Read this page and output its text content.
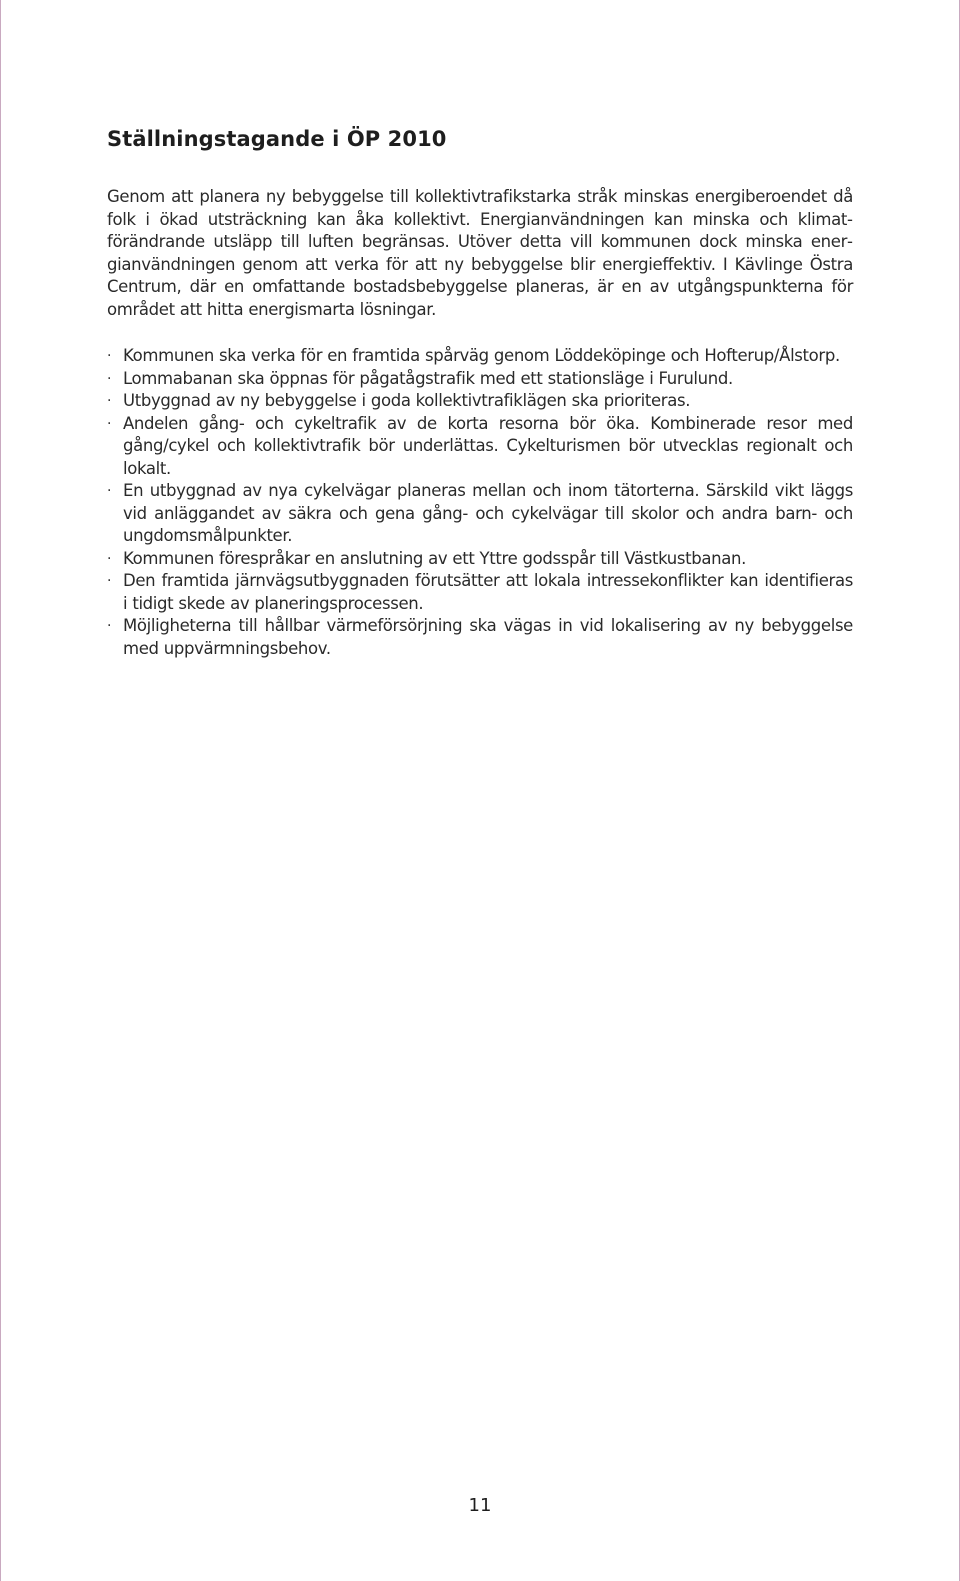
Ställningstagande i ÖP 2010

Genom att planera ny bebyggelse till kollektivtrafikstarka stråk minskas energiberoendet då folk i ökad utsträckning kan åka kollektivt. Energianvändningen kan minska och klimatförändrande utsläpp till luften begränsas. Utöver detta vill kommunen dock minska energianvändningen genom att verka för att ny bebyggelse blir energieffektiv. I Kävlinge Östra Centrum, där en omfattande bostadsbebyggelse planeras, är en av utgångspunkterna för området att hitta energismarta lösningar.

· Kommunen ska verka för en framtida spårväg genom Löddeköpinge och Hofterup/Ålstorp.
· Lommabanan ska öppnas för pågatågstrafik med ett stationsläge i Furulund.
· Utbyggnad av ny bebyggelse i goda kollektivtrafiklägen ska prioriteras.
· Andelen gång- och cykeltrafik av de korta resorna bör öka. Kombinerade resor med gång/cykel och kollektivtrafik bör underlättas. Cykelturismen bör utvecklas regionalt och lokalt.
· En utbyggnad av nya cykelvägar planeras mellan och inom tätorterna. Särskild vikt läggs vid anläggandet av säkra och gena gång- och cykelvägar till skolor och andra barn- och ungdomsmålpunkter.
· Kommunen förespråkar en anslutning av ett Yttre godsspår till Västkustbanan.
· Den framtida järnvägsutbyggnaden förutsätter att lokala intressekonflikter kan identifieras i tidigt skede av planeringsprocessen.
· Möjligheterna till hållbar värmeförsörjning ska vägas in vid lokalisering av ny bebyggelse med uppvärmningsbehov.
11
